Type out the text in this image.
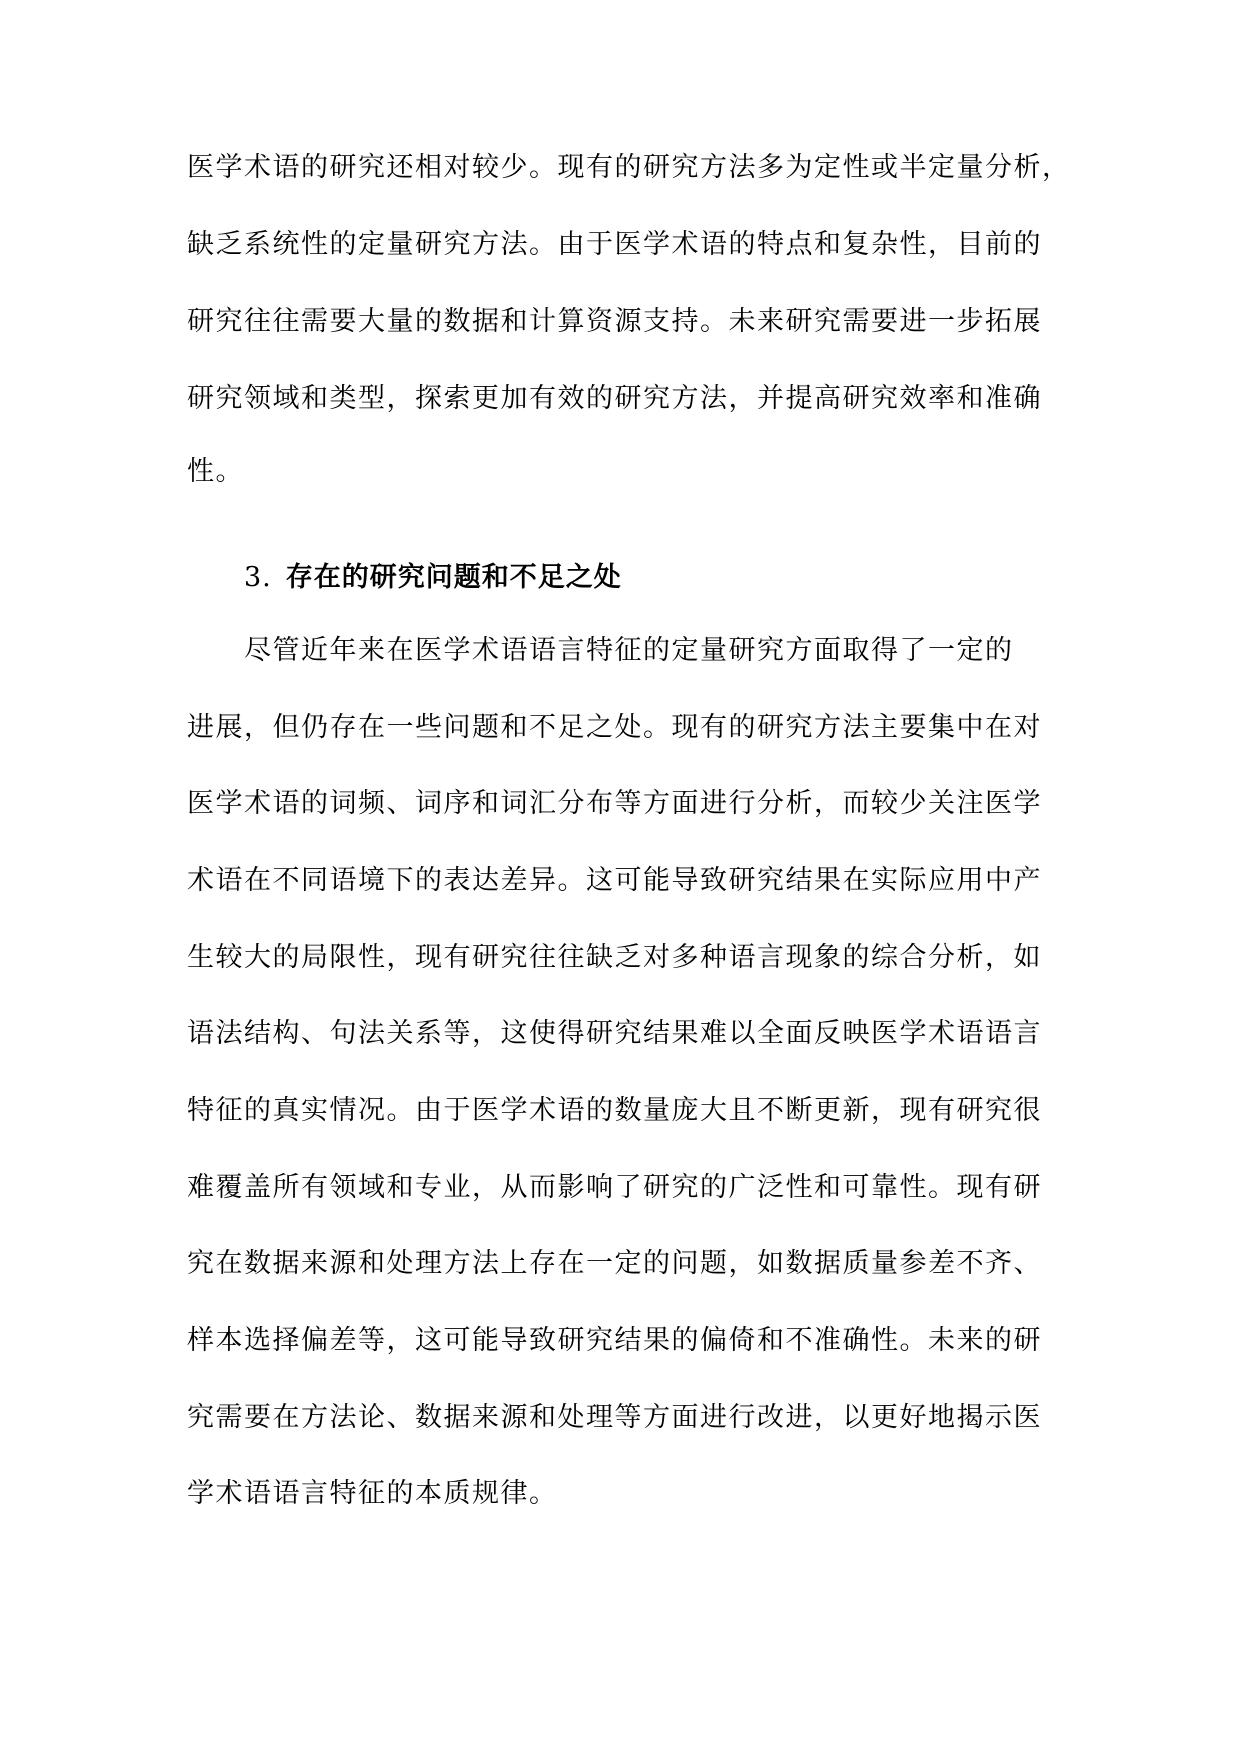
医学术语的研究还相对较少。现有的研究方法多为定性或半定量分析，
缺乏系统性的定量研究方法。由于医学术语的特点和复杂性，目前的
研究往往需要大量的数据和计算资源支持。未来研究需要进一步拓展
研究领域和类型，探索更加有效的研究方法，并提高研究效率和准确
性。
3. 存在的研究问题和不足之处
尽管近年来在医学术语语言特征的定量研究方面取得了一定的
进展，但仍存在一些问题和不足之处。现有的研究方法主要集中在对
医学术语的词频、词序和词汇分布等方面进行分析，而较少关注医学
术语在不同语境下的表达差异。这可能导致研究结果在实际应用中产
生较大的局限性，现有研究往往缺乏对多种语言现象的综合分析，如
语法结构、句法关系等，这使得研究结果难以全面反映医学术语语言
特征的真实情况。由于医学术语的数量庞大且不断更新，现有研究很
难覆盖所有领域和专业，从而影响了研究的广泛性和可靠性。现有研
究在数据来源和处理方法上存在一定的问题，如数据质量参差不齐、
样本选择偏差等，这可能导致研究结果的偏倚和不准确性。未来的研
究需要在方法论、数据来源和处理等方面进行改进，以更好地揭示医
学术语语言特征的本质规律。
